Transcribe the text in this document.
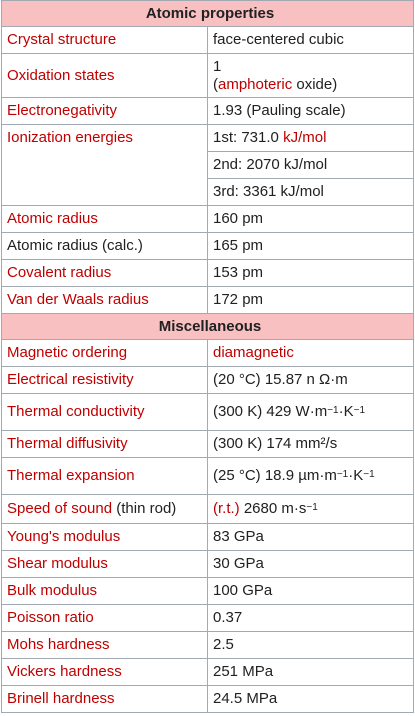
Atomic properties	
Crystal structure	face-centered cubic
Oxidation states	1
(amphoteric oxide)

Electronegativity	1.93 (Pauling scale)
Ionization energies	1st: 731.0 kJ/mol
	2nd: 2070 kJ/mol
	3rd: 3361 kJ/mol
Atomic radius	160 pm
Atomic radius (calc.)	165 pm
Covalent radius	153 pm
Van der Waals radius	172 pm
Miscellaneous	
Magnetic ordering	diamagnetic
Electrical resistivity	(20 °C) 15.87 n Ω·m
Thermal conductivity	(300 K) 429 $W\cdot m^{-1}\cdot K^{-1}$
Thermal diffusivity	(300 K) 174 mm²/s
Thermal expansion	(25 °C) 18.9 $\mu m\cdot m^{-1}\cdot K^{-1}$
Speed of sound (thin rod)	(r.t.) 2680 $m\cdot s^{-1}$
Young's modulus	83 GPa
Shear modulus	30 GPa
Bulk modulus	100 GPa
Poisson ratio	0.37
Mohs hardness	2.5
Vickers hardness	251 MPa
Brinell hardness	24.5 MPa
